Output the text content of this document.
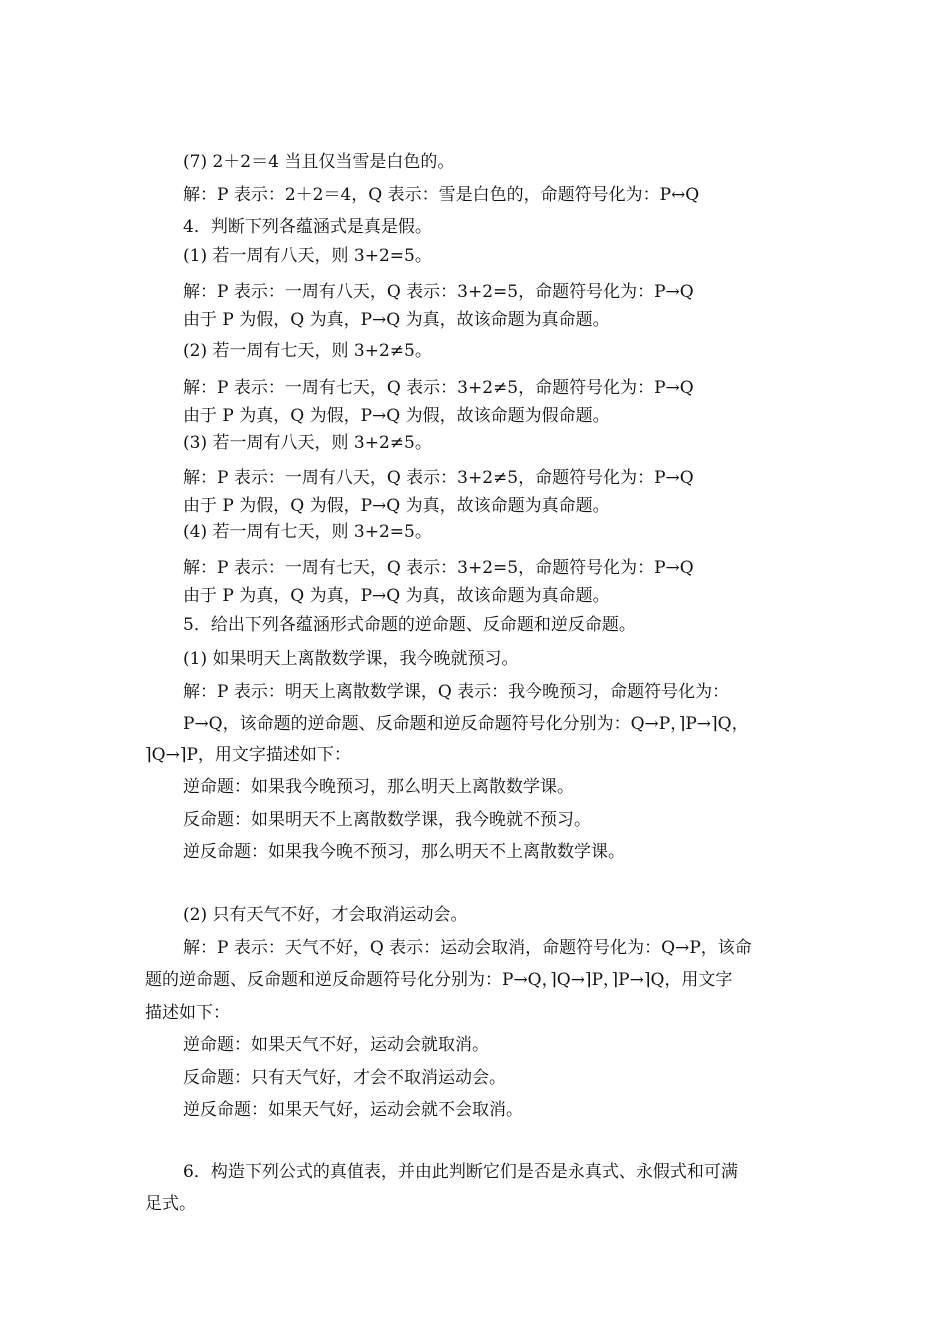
(7) 2＋2＝4 当且仅当雪是白色的。
解：P 表示：2＋2＝4，Q 表示：雪是白色的，命题符号化为：P↔Q
4．判断下列各蕴涵式是真是假。
(1) 若一周有八天，则 3+2=5。
解：P 表示：一周有八天，Q 表示：3+2=5，命题符号化为：P→Q
由于 P 为假，Q 为真，P→Q 为真，故该命题为真命题。
(2) 若一周有七天，则 3+2≠5。
解：P 表示：一周有七天，Q 表示：3+2≠5，命题符号化为：P→Q
由于 P 为真，Q 为假，P→Q 为假，故该命题为假命题。
(3) 若一周有八天，则 3+2≠5。
解：P 表示：一周有八天，Q 表示：3+2≠5，命题符号化为：P→Q
由于 P 为假，Q 为假，P→Q 为真，故该命题为真命题。
(4) 若一周有七天，则 3+2=5。
解：P 表示：一周有七天，Q 表示：3+2=5，命题符号化为：P→Q
由于 P 为真，Q 为真，P→Q 为真，故该命题为真命题。
5．给出下列各蕴涵形式命题的逆命题、反命题和逆反命题。
(1) 如果明天上离散数学课，我今晚就预习。
解：P 表示：明天上离散数学课，Q 表示：我今晚预习，命题符号化为：
P→Q，该命题的逆命题、反命题和逆反命题符号化分别为：Q→P，⌉P→⌉Q，
⌉Q→⌉P，用文字描述如下：
逆命题：如果我今晚预习，那么明天上离散数学课。
反命题：如果明天不上离散数学课，我今晚就不预习。
逆反命题：如果我今晚不预习，那么明天不上离散数学课。
(2) 只有天气不好，才会取消运动会。
解：P 表示：天气不好，Q 表示：运动会取消，命题符号化为：Q→P，该命
题的逆命题、反命题和逆反命题符号化分别为：P→Q，⌉Q→⌉P，⌉P→⌉Q，用文字
描述如下：
逆命题：如果天气不好，运动会就取消。
反命题：只有天气好，才会不取消运动会。
逆反命题：如果天气好，运动会就不会取消。
6．构造下列公式的真值表，并由此判断它们是否是永真式、永假式和可满
足式。
